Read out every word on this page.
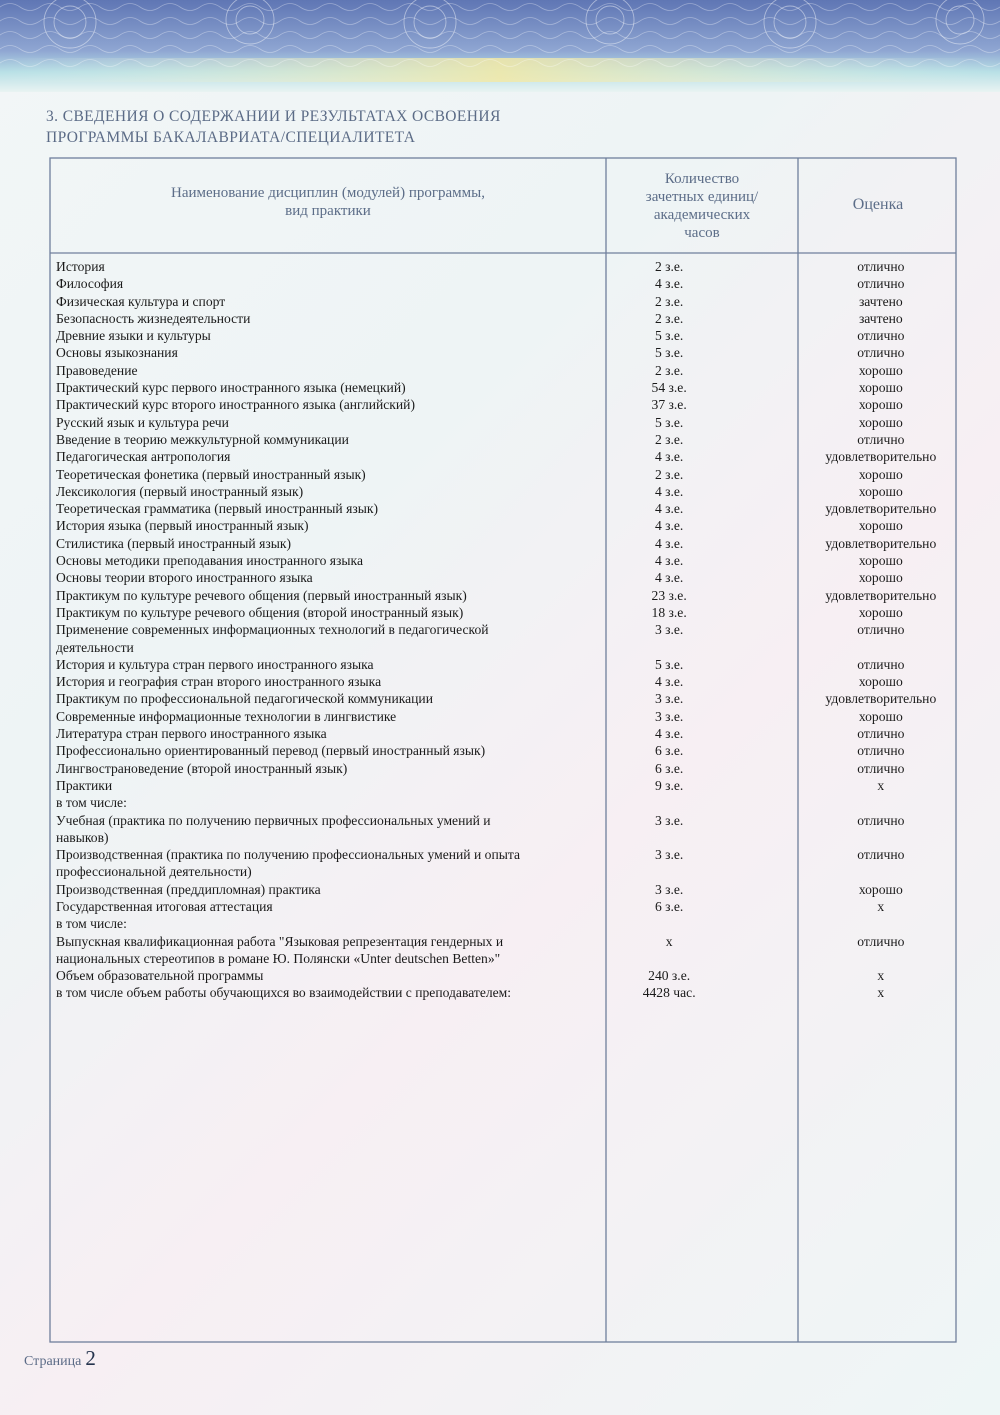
3. СВЕДЕНИЯ О СОДЕРЖАНИИ И РЕЗУЛЬТАТАХ ОСВОЕНИЯ
ПРОГРАММЫ БАКАЛАВРИАТА/СПЕЦИАЛИТЕТА
Наименование дисциплин (модулей) программы,
вид практики
Количество
зачетных единиц/
академических
часов
Оценка
История	2 з.е.	отлично
Философия	4 з.е.	отлично
Физическая культура и спорт	2 з.е.	зачтено
Безопасность жизнедеятельности	2 з.е.	зачтено
Древние языки и культуры	5 з.е.	отлично
Основы языкознания	5 з.е.	отлично
Правоведение	2 з.е.	хорошо
Практический курс первого иностранного языка (немецкий)	54 з.е.	хорошо
Практический курс второго иностранного языка (английский)	37 з.е.	хорошо
Русский язык и культура речи	5 з.е.	хорошо
Введение в теорию межкультурной коммуникации	2 з.е.	отлично
Педагогическая антропология	4 з.е.	удовлетворительно
Теоретическая фонетика (первый иностранный язык)	2 з.е.	хорошо
Лексикология (первый иностранный язык)	4 з.е.	хорошо
Теоретическая грамматика (первый иностранный язык)	4 з.е.	удовлетворительно
История языка (первый иностранный язык)	4 з.е.	хорошо
Стилистика (первый иностранный язык)	4 з.е.	удовлетворительно
Основы методики преподавания иностранного языка	4 з.е.	хорошо
Основы теории второго иностранного языка	4 з.е.	хорошо
Практикум по культуре речевого общения (первый иностранный язык)	23 з.е.	удовлетворительно
Практикум по культуре речевого общения (второй иностранный язык)	18 з.е.	хорошо
Применение современных информационных технологий в педагогической
деятельности
3 з.е.	отлично
История и культура стран первого иностранного языка	5 з.е.	отлично
История и география стран второго иностранного языка	4 з.е.	хорошо
Практикум по профессиональной педагогической коммуникации	3 з.е.	удовлетворительно
Современные информационные технологии в лингвистике	3 з.е.	хорошо
Литература стран первого иностранного языка	4 з.е.	отлично
Профессионально ориентированный перевод (первый иностранный язык)	6 з.е.	отлично
Лингвострановедение (второй иностранный язык)	6 з.е.	отлично
Практики	9 з.е.	х
в том числе:
Учебная (практика по получению первичных профессиональных умений и
навыков)
3 з.е.	отлично
Производственная (практика по получению профессиональных умений и опыта
профессиональной деятельности)
3 з.е.	отлично
Производственная (преддипломная) практика	3 з.е.	хорошо
Государственная итоговая аттестация	6 з.е.	х
в том числе:
Выпускная квалификационная работа "Языковая репрезентация гендерных и
национальных стереотипов в романе Ю. Полянски «Unter deutschen Betten»"
х	отлично
Объем образовательной программы	240 з.е.	х
в том числе объем работы обучающихся во взаимодействии с преподавателем:	4428 час.	х
Страница 2
